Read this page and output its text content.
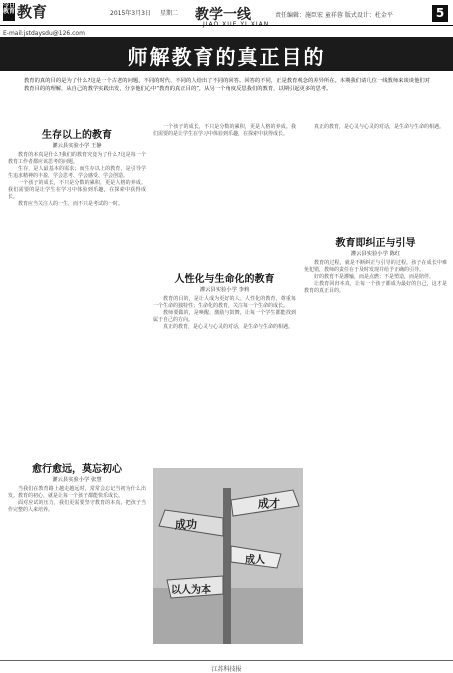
今日教育 教育	2015年3月3日 星期二 教学一线	责任编辑：施臣宏 童祥蓉 版式设计：杜金平	5
E-mail:jstdaysdu@126.com
师解教育的真正目的
教育的真的目的是为了什么?这是一个古老的问题，不同的时代、不同的人给出了不同的回答。回答的不同，正是教育观念的差异所在。本期我们请几位一线教师来谈谈他们对教育目的的理解，从自己的教学实践出发，分享他们心中“教育的真正目的”，从另一个角度反思我们的教育，以期引起更多的思考。
生存以上的教育
灌云县实验小学 王静

教育的本真是什么?我们的教育究竟为了什么?这是每一个教育工作者都应该思考的问题。

生存，是人最基本的需求；而生存以上的教育，是引导学生追求精神的丰盈，学会思考、学会感受、学会创造。

一个孩子的成长，不只是分数的累积，更是人格的养成。我们需要的是让学生在学习中体验到乐趣，在探索中获得成长。

教育应当关注人的一生，而不只是考试的一时。

愈行愈远，莫忘初心
灌云县实验小学 张慧

当我们在教育路上越走越远时，常常会忘记当初为什么出发。教育的初心，就是让每一个孩子都能快乐成长。

面对应试的压力，我们更需要坚守教育的本真，把孩子当作完整的人来培养。

一个孩子的成长，不只是分数的累积，更是人格的养成。我们需要的是让学生在学习中体验到乐趣，在探索中获得成长。

人性化与生命化的教育
灌云县实验小学 李莉

教育的目的，是让人成为更好的人。人性化的教育，尊重每一个生命的独特性；生命化的教育，关注每一个生命的成长。

教师要做的，是唤醒、激励与鼓舞，让每一个学生都能找到属于自己的方向。

真正的教育，是心灵与心灵的对话，是生命与生命的相遇。

成才
成功
成人
以人为本

真正的教育，是心灵与心灵的对话，是生命与生命的相遇。

教育即纠正与引导
灌云县实验小学 陈红

教育的过程，就是不断纠正与引导的过程。孩子在成长中难免犯错，教师的责任在于及时发现并给予正确的引导。

好的教育不是灌输，而是点燃；不是塑造，而是陪伴。

让教育回归本真，让每一个孩子都成为最好的自己，这才是教育的真正目的。

江苏科技报
